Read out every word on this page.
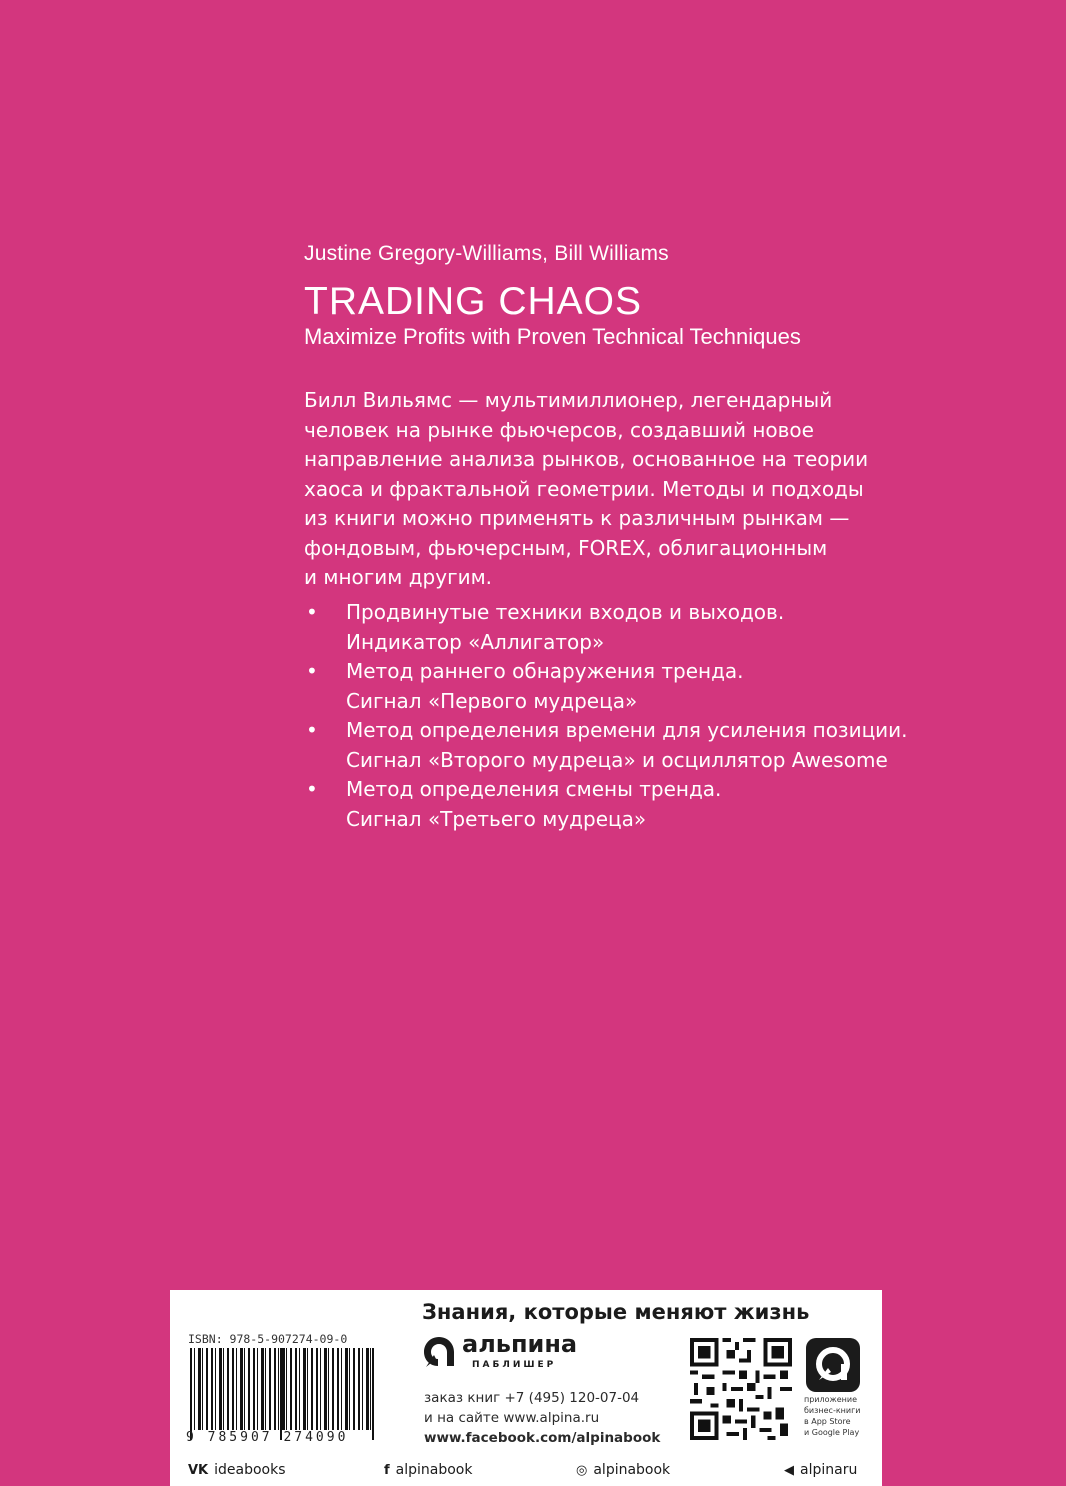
Justine Gregory-Williams, Bill Williams
TRADING CHAOS
Maximize Profits with Proven Technical Techniques
Билл Вильямс — мультимиллионер, легендарный
человек на рынке фьючерсов, создавший новое
направление анализа рынков, основанное на теории
хаоса и фрактальной геометрии. Методы и подходы
из книги можно применять к различным рынкам —
фондовым, фьючерсным, FOREX, облигационным
и многим другим.
• Продвинутые техники входов и выходов.
Индикатор «Аллигатор»
• Метод раннего обнаружения тренда.
Сигнал «Первого мудреца»
• Метод определения времени для усиления позиции.
Сигнал «Второго мудреца» и осциллятор Awesome
• Метод определения смены тренда.
Сигнал «Третьего мудреца»
ISBN: 978-5-907274-09-0
9 785907 274090
Знания, которые меняют жизнь
альпина
ПАБЛИШЕР
заказ книг +7 (495) 120-07-04
и на сайте www.alpina.ru
www.facebook.com/alpinabook
приложение
бизнес-книги
в App Store
и Google Play
VK ideabooks	f alpinabook	◎ alpinabook	◀ alpinaru
